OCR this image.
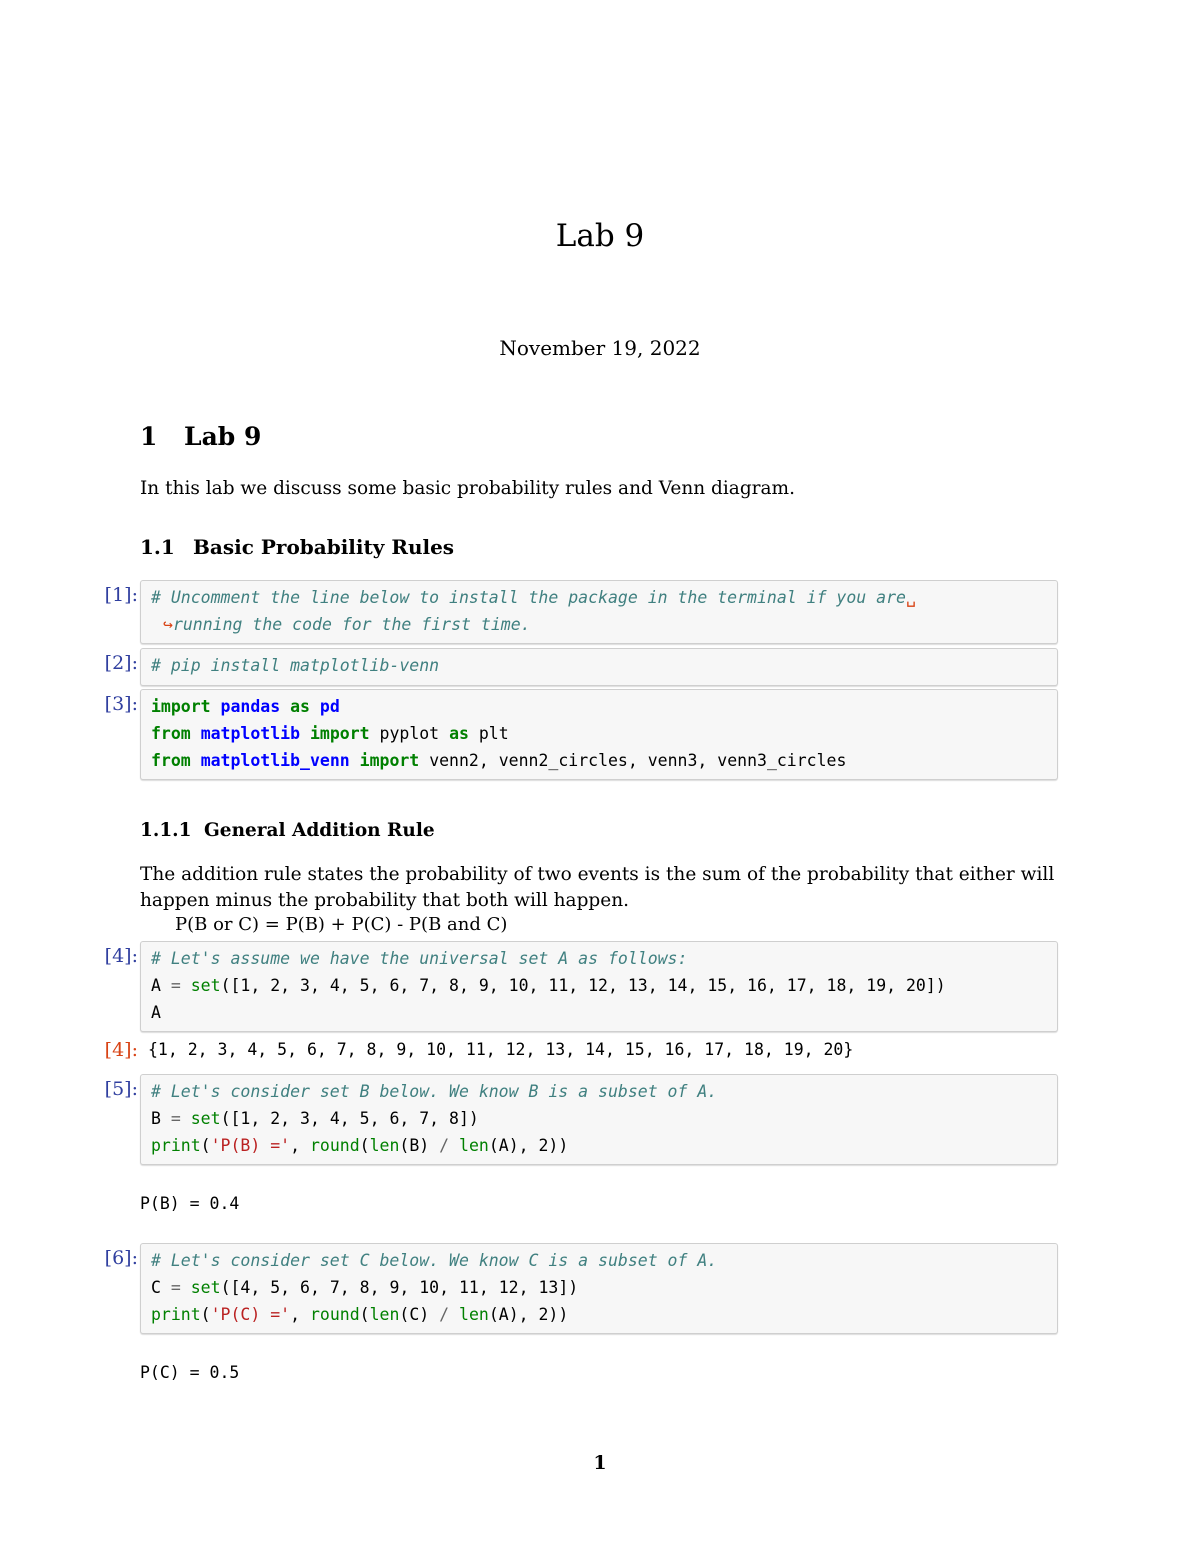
Lab 9
November 19, 2022
1 Lab 9
In this lab we discuss some basic probability rules and Venn diagram.
1.1 Basic Probability Rules
[1]: # Uncomment the line below to install the package in the terminal if you are␣
↪running the code for the first time.
[2]: # pip install matplotlib-venn
[3]: import pandas as pd
from matplotlib import pyplot as plt
from matplotlib_venn import venn2, venn2_circles, venn3, venn3_circles
1.1.1 General Addition Rule
The addition rule states the probability of two events is the sum of the probability that either will
happen minus the probability that both will happen.
P(B or C) = P(B) + P(C) - P(B and C)
[4]: # Let's assume we have the universal set A as follows:
A = set([1, 2, 3, 4, 5, 6, 7, 8, 9, 10, 11, 12, 13, 14, 15, 16, 17, 18, 19, 20])
A
[4]: {1, 2, 3, 4, 5, 6, 7, 8, 9, 10, 11, 12, 13, 14, 15, 16, 17, 18, 19, 20}
[5]: # Let's consider set B below. We know B is a subset of A.
B = set([1, 2, 3, 4, 5, 6, 7, 8])
print('P(B) =', round(len(B) / len(A), 2))
P(B) = 0.4
[6]: # Let's consider set C below. We know C is a subset of A.
C = set([4, 5, 6, 7, 8, 9, 10, 11, 12, 13])
print('P(C) =', round(len(C) / len(A), 2))
P(C) = 0.5
1
